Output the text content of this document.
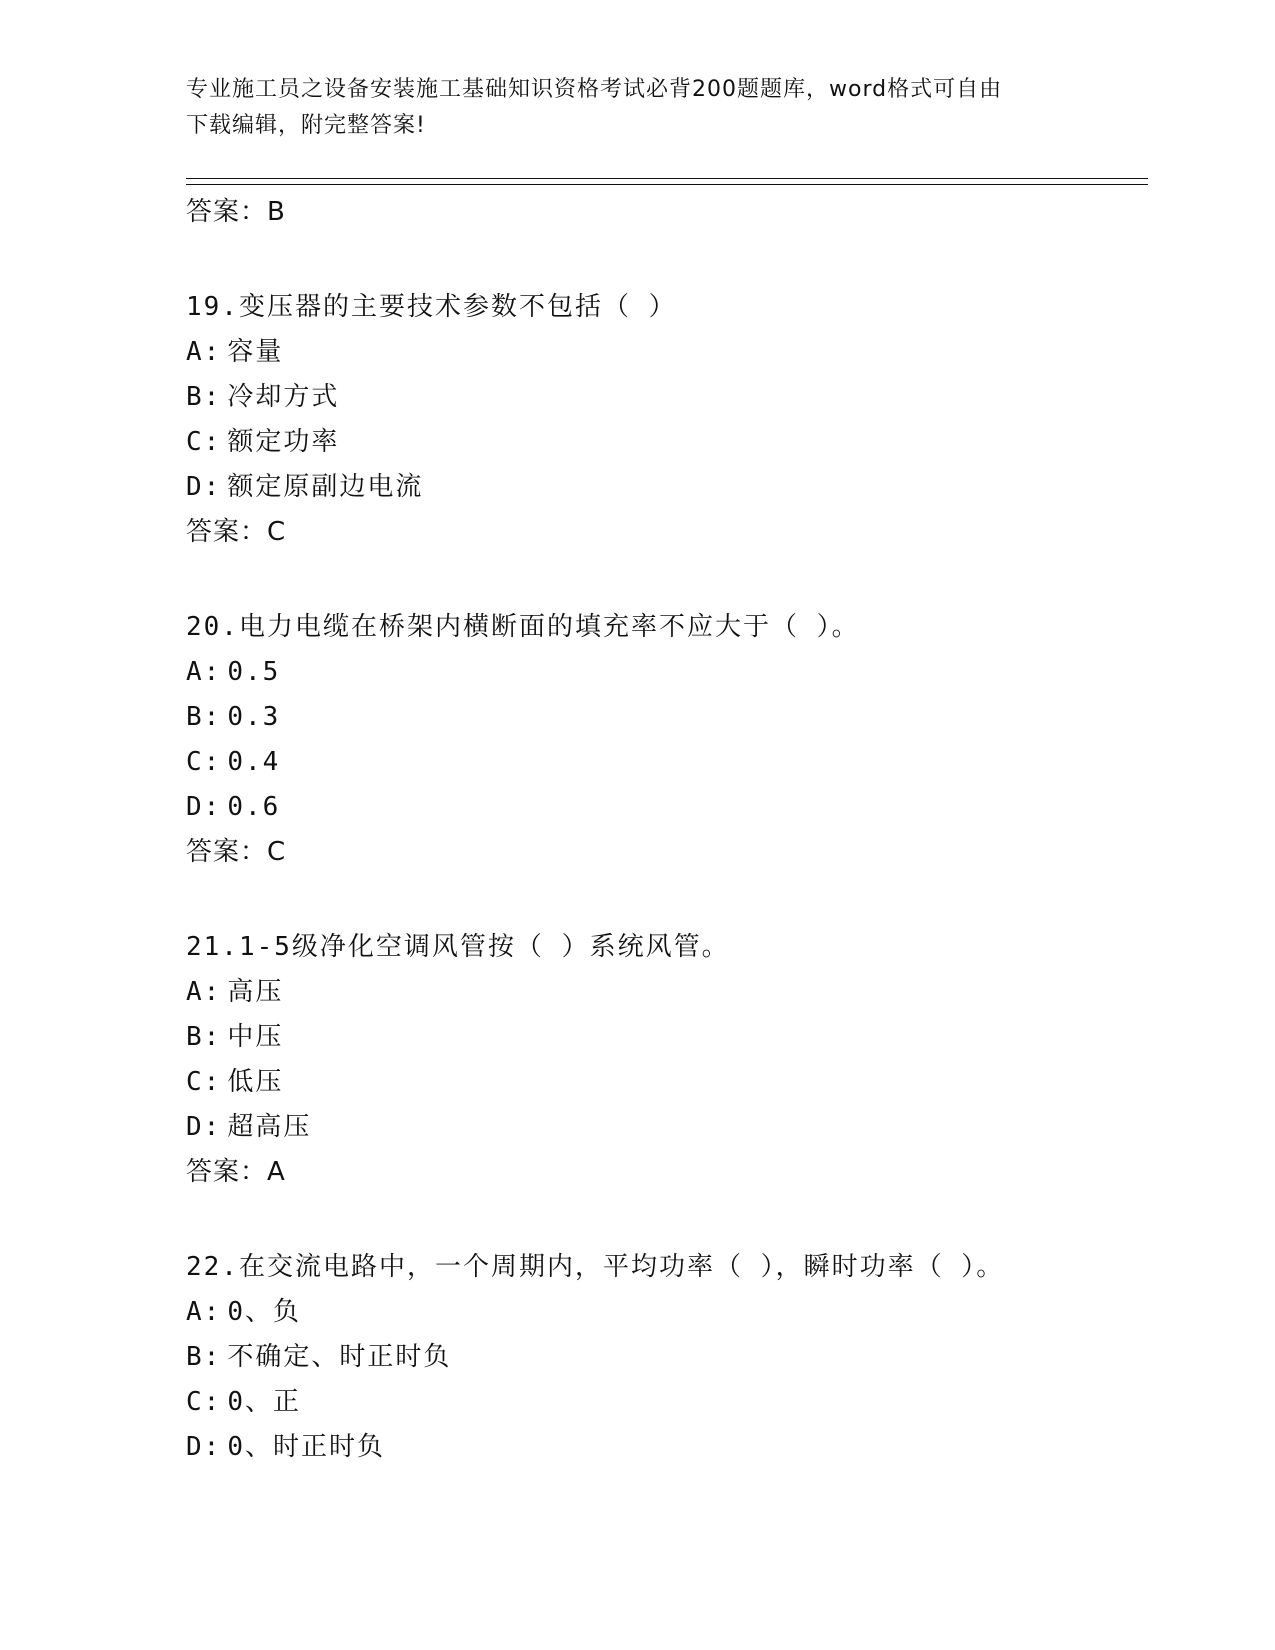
专业施工员之设备安装施工基础知识资格考试必背200题题库，word格式可自由
下载编辑，附完整答案!
答案：B
19.变压器的主要技术参数不包括（ ）
A: 容量
B: 冷却方式
C: 额定功率
D: 额定原副边电流
答案：C
20.电力电缆在桥架内横断面的填充率不应大于（ ）。
A: 0.5
B: 0.3
C: 0.4
D: 0.6
答案：C
21.1-5级净化空调风管按（ ）系统风管。
A: 高压
B: 中压
C: 低压
D: 超高压
答案：A
22.在交流电路中，一个周期内，平均功率（ ），瞬时功率（ ）。
A: 0、负
B: 不确定、时正时负
C: 0、正
D: 0、时正时负
